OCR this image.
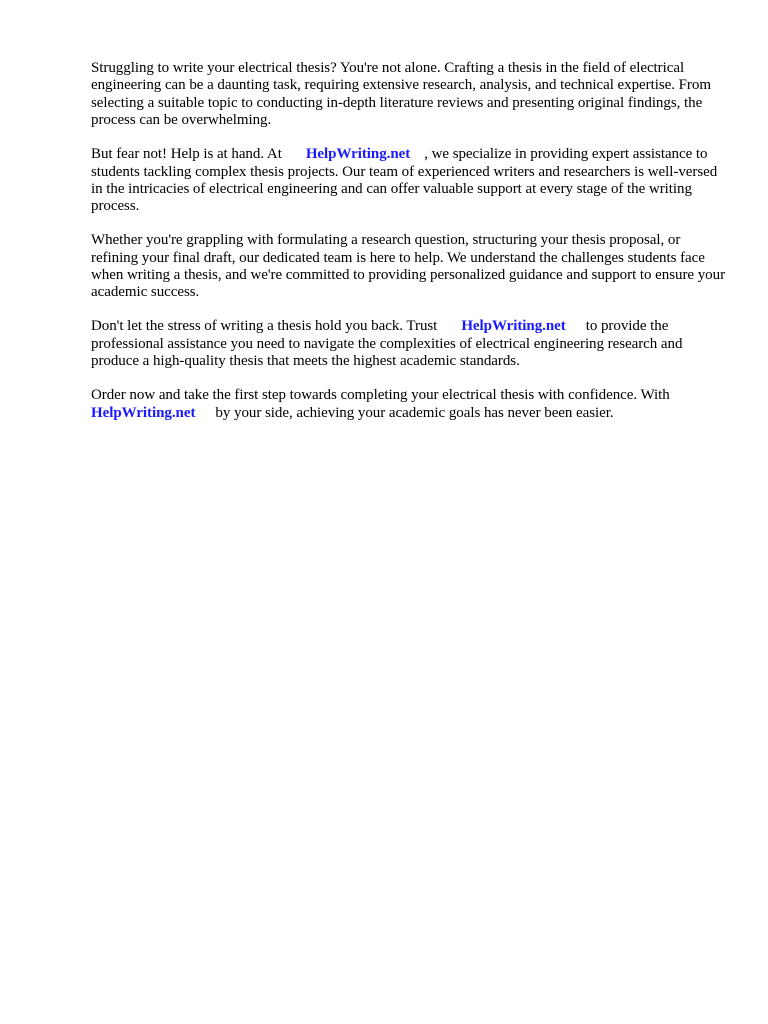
Struggling to write your electrical thesis? You're not alone. Crafting a thesis in the field of electrical engineering can be a daunting task, requiring extensive research, analysis, and technical expertise. From selecting a suitable topic to conducting in-depth literature reviews and presenting original findings, the process can be overwhelming.

But fear not! Help is at hand. At HelpWriting.net , we specialize in providing expert assistance to students tackling complex thesis projects. Our team of experienced writers and researchers is well-versed in the intricacies of electrical engineering and can offer valuable support at every stage of the writing process.

Whether you're grappling with formulating a research question, structuring your thesis proposal, or refining your final draft, our dedicated team is here to help. We understand the challenges students face when writing a thesis, and we're committed to providing personalized guidance and support to ensure your academic success.

Don't let the stress of writing a thesis hold you back. Trust HelpWriting.net to provide the professional assistance you need to navigate the complexities of electrical engineering research and produce a high-quality thesis that meets the highest academic standards.

Order now and take the first step towards completing your electrical thesis with confidence. With HelpWriting.net by your side, achieving your academic goals has never been easier.
